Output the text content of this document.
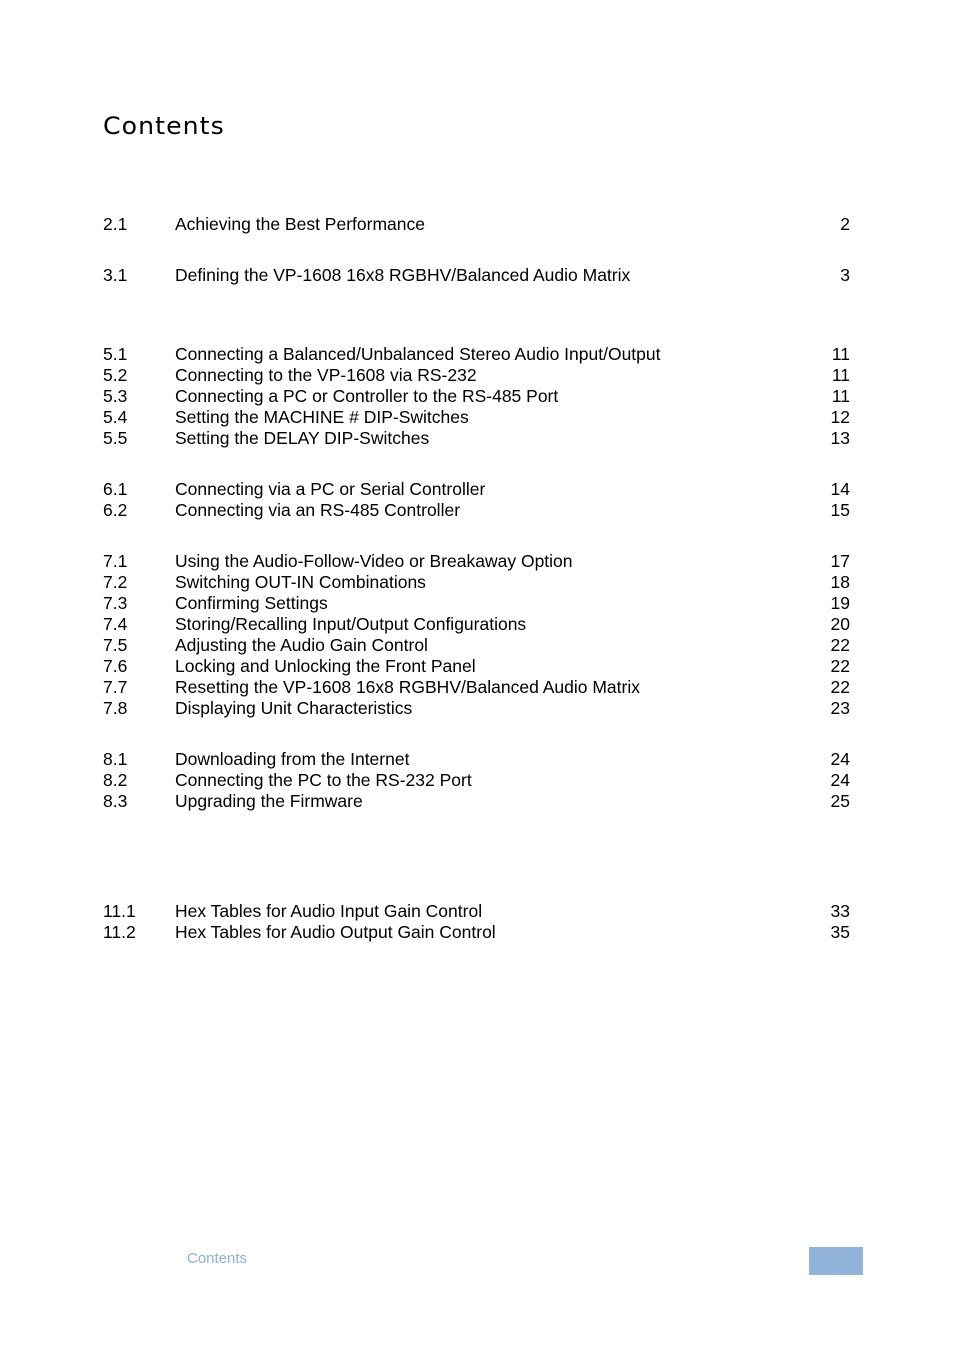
Contents
2.1	Achieving the Best Performance	2
3.1	Defining the VP-1608 16x8 RGBHV/Balanced Audio Matrix	3
5.1	Connecting a Balanced/Unbalanced Stereo Audio Input/Output	11
5.2	Connecting to the VP-1608 via RS-232	11
5.3	Connecting a PC or Controller to the RS-485 Port	11
5.4	Setting the MACHINE # DIP-Switches	12
5.5	Setting the DELAY DIP-Switches	13
6.1	Connecting via a PC or Serial Controller	14
6.2	Connecting via an RS-485 Controller	15
7.1	Using the Audio-Follow-Video or Breakaway Option	17
7.2	Switching OUT-IN Combinations	18
7.3	Confirming Settings	19
7.4	Storing/Recalling Input/Output Configurations	20
7.5	Adjusting the Audio Gain Control	22
7.6	Locking and Unlocking the Front Panel	22
7.7	Resetting the VP-1608 16x8 RGBHV/Balanced Audio Matrix	22
7.8	Displaying Unit Characteristics	23
8.1	Downloading from the Internet	24
8.2	Connecting the PC to the RS-232 Port	24
8.3	Upgrading the Firmware	25
11.1 Hex Tables for Audio Input Gain Control	33
11.2 Hex Tables for Audio Output Gain Control	35
Contents
